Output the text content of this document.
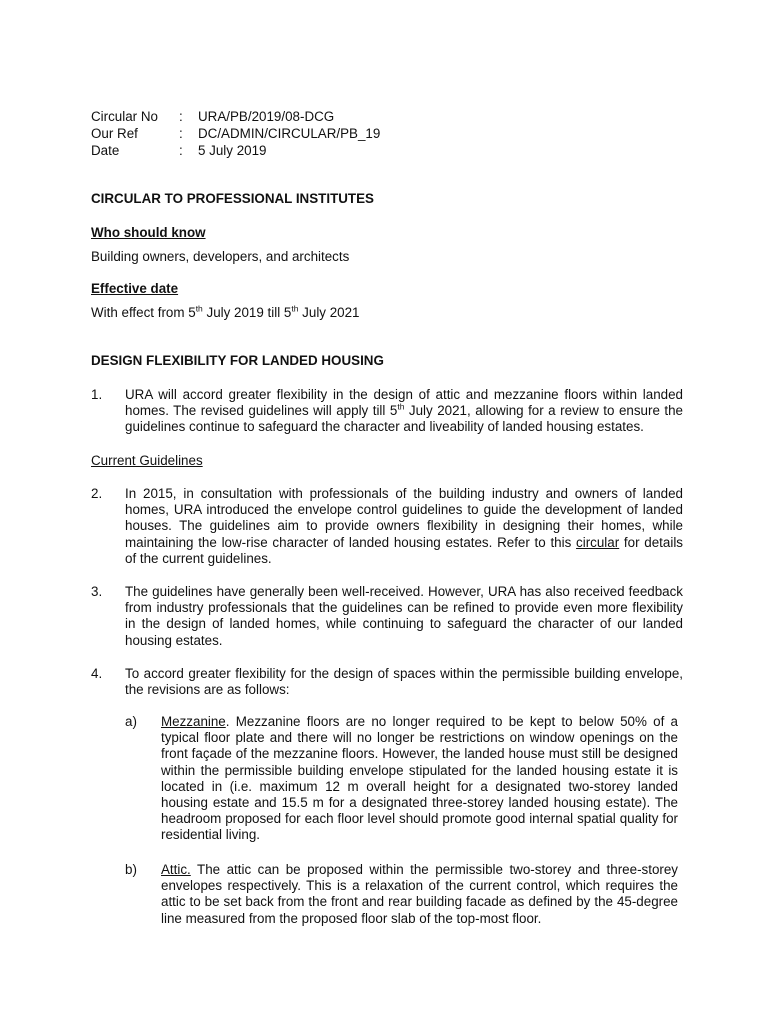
Circular No : URA/PB/2019/08-DCG
Our Ref	: DC/ADMIN/CIRCULAR/PB_19
Date	: 5 July 2019
CIRCULAR TO PROFESSIONAL INSTITUTES
Who should know
Building owners, developers, and architects
Effective date
With effect from 5th July 2019 till 5th July 2021
DESIGN FLEXIBILITY FOR LANDED HOUSING
1. URA will accord greater flexibility in the design of attic and mezzanine floors within landed homes. The revised guidelines will apply till 5th July 2021, allowing for a review to ensure the guidelines continue to safeguard the character and liveability of landed housing estates.
Current Guidelines
2. In 2015, in consultation with professionals of the building industry and owners of landed homes, URA introduced the envelope control guidelines to guide the development of landed houses. The guidelines aim to provide owners flexibility in designing their homes, while maintaining the low-rise character of landed housing estates. Refer to this circular for details of the current guidelines.
3. The guidelines have generally been well-received. However, URA has also received feedback from industry professionals that the guidelines can be refined to provide even more flexibility in the design of landed homes, while continuing to safeguard the character of our landed housing estates.
4. To accord greater flexibility for the design of spaces within the permissible building envelope, the revisions are as follows:
a) Mezzanine. Mezzanine floors are no longer required to be kept to below 50% of a typical floor plate and there will no longer be restrictions on window openings on the front façade of the mezzanine floors. However, the landed house must still be designed within the permissible building envelope stipulated for the landed housing estate it is located in (i.e. maximum 12 m overall height for a designated two-storey landed housing estate and 15.5 m for a designated three-storey landed housing estate). The headroom proposed for each floor level should promote good internal spatial quality for residential living.
b) Attic. The attic can be proposed within the permissible two-storey and three-storey envelopes respectively. This is a relaxation of the current control, which requires the attic to be set back from the front and rear building facade as defined by the 45-degree line measured from the proposed floor slab of the top-most floor.
